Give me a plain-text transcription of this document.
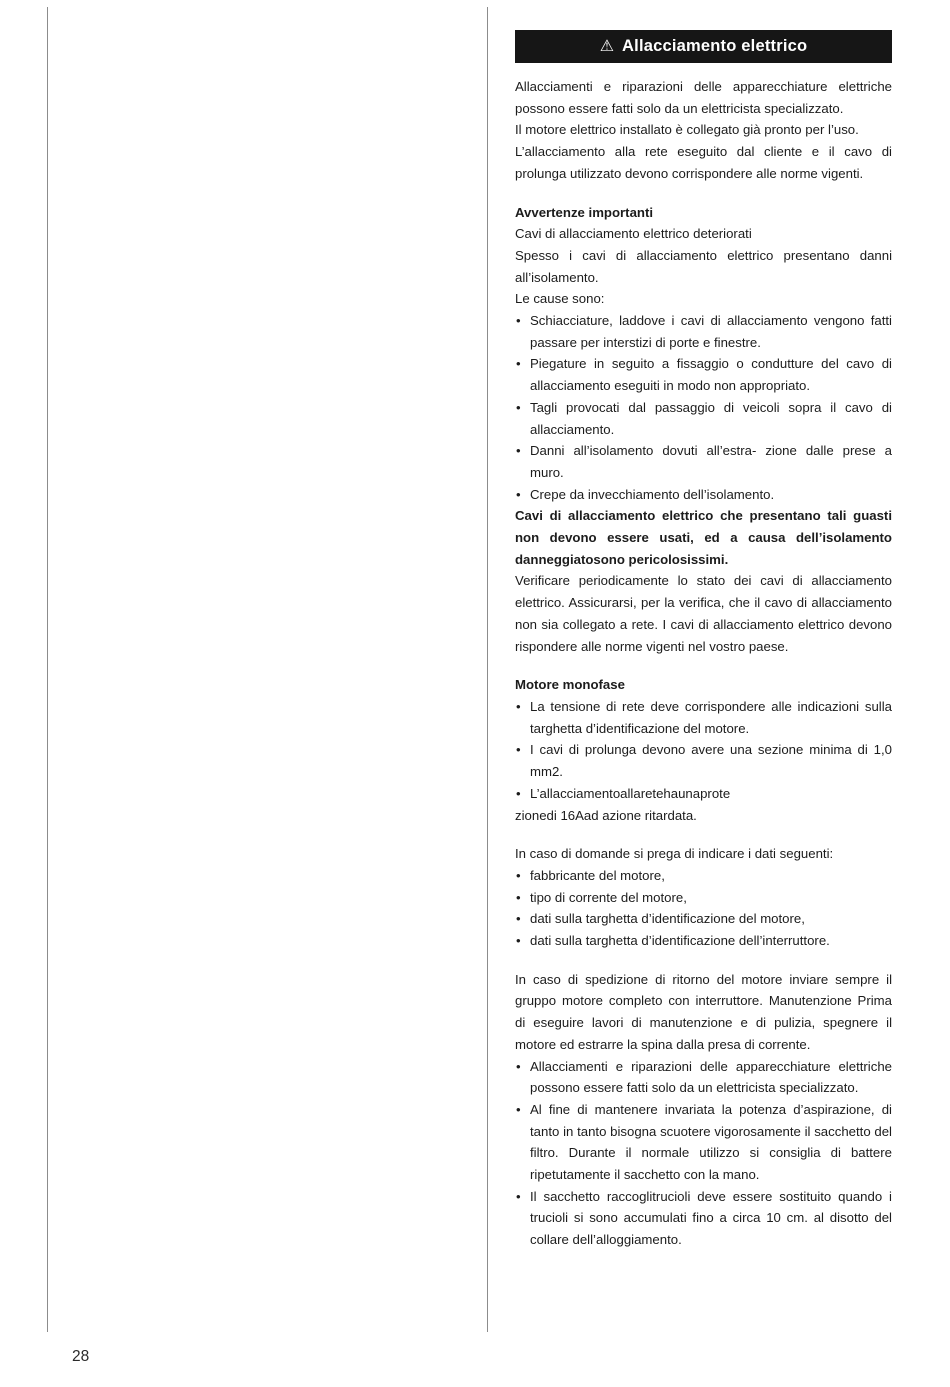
⚠ Allacciamento elettrico

Allacciamenti e riparazioni delle apparecchiature elettriche possono essere fatti solo da un elettricista specializzato.

Il motore elettrico installato è collegato già pronto per l’uso.

L’allacciamento alla rete eseguito dal cliente e il cavo di prolunga utilizzato devono corrispondere alle norme vigenti.

Avvertenze importanti

Cavi di allacciamento elettrico deteriorati

Spesso i cavi di allacciamento elettrico presentano danni all’isolamento.

Le cause sono:

• Schiacciature, laddove i cavi di allacciamento vengono fatti passare per interstizi di porte e finestre.
• Piegature in seguito a fissaggio o condutture del cavo di allacciamento eseguiti in modo non appropriato.
• Tagli provocati dal passaggio di veicoli sopra il cavo di allacciamento.
• Danni all’isolamento dovuti all’estra- zione dalle prese a muro.
• Crepe da invecchiamento dell’isolamento.

Cavi di allacciamento elettrico che presentano tali guasti non devono essere usati, ed a causa dell’isolamento danneggiatosono pericolosissimi.

Verificare periodicamente lo stato dei cavi di allacciamento elettrico. Assicurarsi, per la verifica, che il cavo di allacciamento non sia collegato a rete. I cavi di allacciamento elettrico devono rispondere alle norme vigenti nel vostro paese.

Motore monofase
• La tensione di rete deve corrispondere alle indicazioni sulla targhetta d’identificazione del motore.
• I cavi di prolunga devono avere una sezione minima di 1,0 mm2.
• L’allacciamentoallaretehaunaprote

zionedi 16Aad azione ritardata.

In caso di domande si prega di indicare i dati seguenti:

• fabbricante del motore,
• tipo di corrente del motore,
• dati sulla targhetta d’identificazione del motore,
• dati sulla targhetta d’identificazione dell’interruttore.

In caso di spedizione di ritorno del motore inviare sempre il gruppo motore completo con interruttore. Manutenzione Prima di eseguire lavori di manutenzione e di pulizia, spegnere il motore ed estrarre la spina dalla presa di corrente.

• Allacciamenti e riparazioni delle apparecchiature elettriche possono essere fatti solo da un elettricista specializzato.
• Al fine di mantenere invariata la potenza d’aspirazione, di tanto in tanto bisogna scuotere vigorosamente il sacchetto del filtro. Durante il normale utilizzo si consiglia di battere ripetutamente il sacchetto con la mano.
• Il sacchetto raccoglitrucioli deve essere sostituito quando i trucioli si sono accumulati fino a circa 10 cm. al disotto del collare dell’alloggiamento.
28
